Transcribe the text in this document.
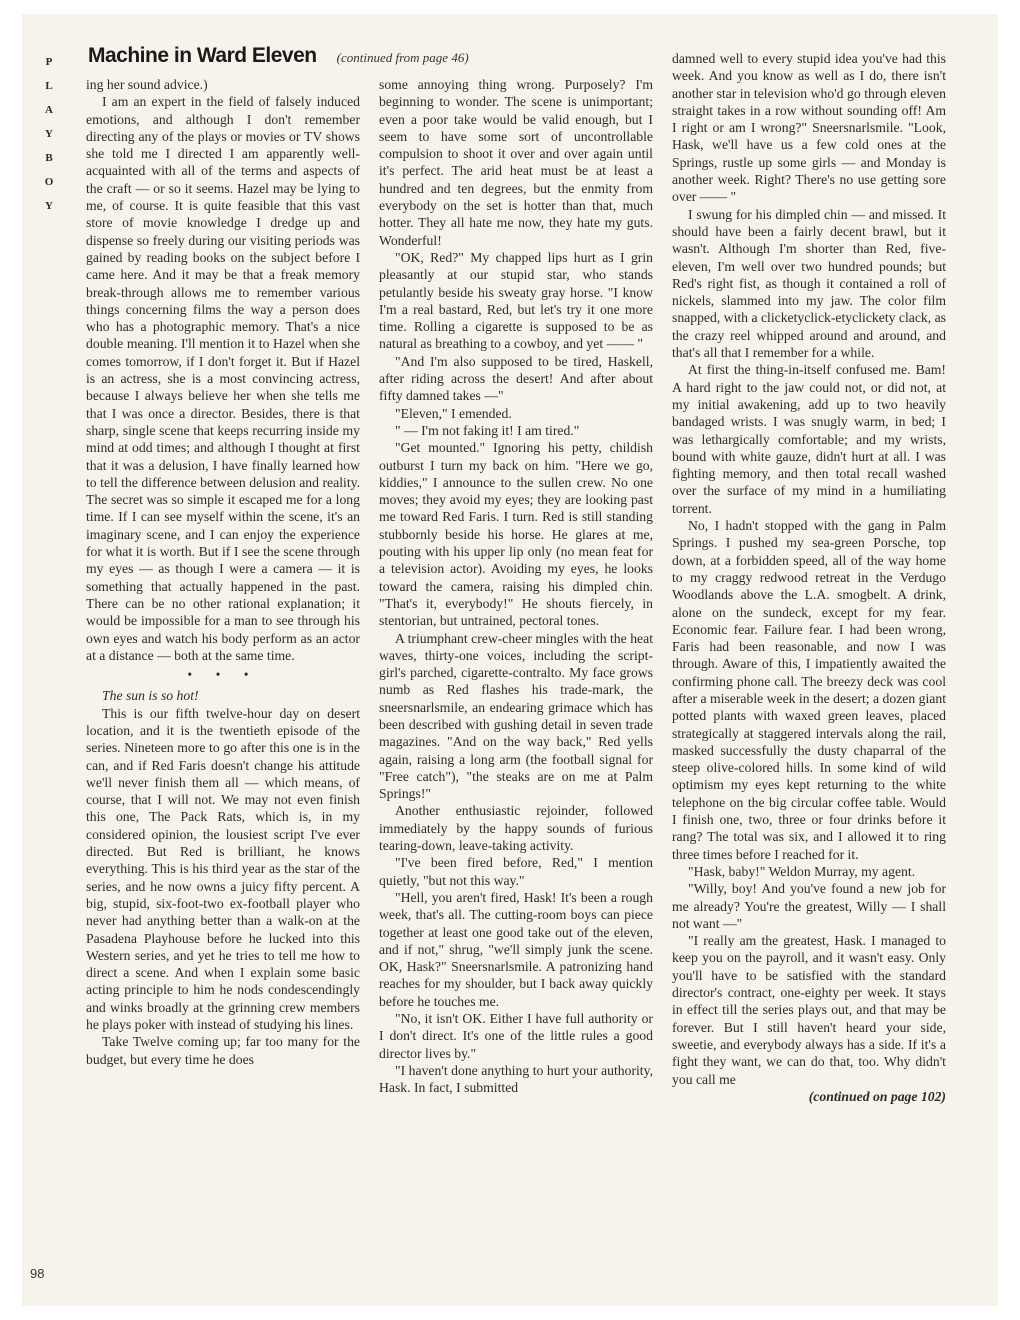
P
L
A
Y
B
O
Y
Machine in Ward Eleven (continued from page 46)

ing her sound advice.)

I am an expert in the field of falsely induced emotions, and although I don't remember directing any of the plays or movies or TV shows she told me I directed I am apparently well-acquainted with all of the terms and aspects of the craft — or so it seems. Hazel may be lying to me, of course. It is quite feasible that this vast store of movie knowledge I dredge up and dispense so freely during our visiting periods was gained by reading books on the subject before I came here. And it may be that a freak memory break-through allows me to remember various things concerning films the way a person does who has a photographic memory. That's a nice double meaning. I'll mention it to Hazel when she comes tomorrow, if I don't forget it. But if Hazel is an actress, she is a most convincing actress, because I always believe her when she tells me that I was once a director. Besides, there is that sharp, single scene that keeps recurring inside my mind at odd times; and although I thought at first that it was a delusion, I have finally learned how to tell the difference between delusion and reality. The secret was so simple it escaped me for a long time. If I can see myself within the scene, it's an imaginary scene, and I can enjoy the experience for what it is worth. But if I see the scene through my eyes — as though I were a camera — it is something that actually happened in the past. There can be no other rational explanation; it would be impossible for a man to see through his own eyes and watch his body perform as an actor at a distance — both at the same time.

• • •

The sun is so hot!

This is our fifth twelve-hour day on desert location, and it is the twentieth episode of the series. Nineteen more to go after this one is in the can, and if Red Faris doesn't change his attitude we'll never finish them all — which means, of course, that I will not. We may not even finish this one, The Pack Rats, which is, in my considered opinion, the lousiest script I've ever directed. But Red is brilliant, he knows everything. This is his third year as the star of the series, and he now owns a juicy fifty percent. A big, stupid, six-foot-two ex-football player who never had anything better than a walk-on at the Pasadena Playhouse before he lucked into this Western series, and yet he tries to tell me how to direct a scene. And when I explain some basic acting principle to him he nods condescendingly and winks broadly at the grinning crew members he plays poker with instead of studying his lines.

Take Twelve coming up; far too many for the budget, but every time he does

some annoying thing wrong. Purposely? I'm beginning to wonder. The scene is unimportant; even a poor take would be valid enough, but I seem to have some sort of uncontrollable compulsion to shoot it over and over again until it's perfect. The arid heat must be at least a hundred and ten degrees, but the enmity from everybody on the set is hotter than that, much hotter. They all hate me now, they hate my guts. Wonderful!

"OK, Red?" My chapped lips hurt as I grin pleasantly at our stupid star, who stands petulantly beside his sweaty gray horse. "I know I'm a real bastard, Red, but let's try it one more time. Rolling a cigarette is supposed to be as natural as breathing to a cowboy, and yet —— "

"And I'm also supposed to be tired, Haskell, after riding across the desert! And after about fifty damned takes —"

"Eleven," I emended.

" — I'm not faking it! I am tired."

"Get mounted." Ignoring his petty, childish outburst I turn my back on him. "Here we go, kiddies," I announce to the sullen crew. No one moves; they avoid my eyes; they are looking past me toward Red Faris. I turn. Red is still standing stubbornly beside his horse. He glares at me, pouting with his upper lip only (no mean feat for a television actor). Avoiding my eyes, he looks toward the camera, raising his dimpled chin. "That's it, everybody!" He shouts fiercely, in stentorian, but untrained, pectoral tones.

A triumphant crew-cheer mingles with the heat waves, thirty-one voices, including the script-girl's parched, cigarette-contralto. My face grows numb as Red flashes his trade-mark, the sneersnarlsmile, an endearing grimace which has been described with gushing detail in seven trade magazines. "And on the way back," Red yells again, raising a long arm (the football signal for "Free catch"), "the steaks are on me at Palm Springs!"

Another enthusiastic rejoinder, followed immediately by the happy sounds of furious tearing-down, leave-taking activity.

"I've been fired before, Red," I mention quietly, "but not this way."

"Hell, you aren't fired, Hask! It's been a rough week, that's all. The cutting-room boys can piece together at least one good take out of the eleven, and if not," shrug, "we'll simply junk the scene. OK, Hask?" Sneersnarlsmile. A patronizing hand reaches for my shoulder, but I back away quickly before he touches me.

"No, it isn't OK. Either I have full authority or I don't direct. It's one of the little rules a good director lives by."

"I haven't done anything to hurt your authority, Hask. In fact, I submitted

damned well to every stupid idea you've had this week. And you know as well as I do, there isn't another star in television who'd go through eleven straight takes in a row without sounding off! Am I right or am I wrong?" Sneersnarlsmile. "Look, Hask, we'll have us a few cold ones at the Springs, rustle up some girls — and Monday is another week. Right? There's no use getting sore over —— "

I swung for his dimpled chin — and missed. It should have been a fairly decent brawl, but it wasn't. Although I'm shorter than Red, five-eleven, I'm well over two hundred pounds; but Red's right fist, as though it contained a roll of nickels, slammed into my jaw. The color film snapped, with a clicketyclick-etyclickety clack, as the crazy reel whipped around and around, and that's all that I remember for a while.

At first the thing-in-itself confused me. Bam! A hard right to the jaw could not, or did not, at my initial awakening, add up to two heavily bandaged wrists. I was snugly warm, in bed; I was lethargically comfortable; and my wrists, bound with white gauze, didn't hurt at all. I was fighting memory, and then total recall washed over the surface of my mind in a humiliating torrent.

No, I hadn't stopped with the gang in Palm Springs. I pushed my sea-green Porsche, top down, at a forbidden speed, all of the way home to my craggy redwood retreat in the Verdugo Woodlands above the L.A. smogbelt. A drink, alone on the sundeck, except for my fear. Economic fear. Failure fear. I had been wrong, Faris had been reasonable, and now I was through. Aware of this, I impatiently awaited the confirming phone call. The breezy deck was cool after a miserable week in the desert; a dozen giant potted plants with waxed green leaves, placed strategically at staggered intervals along the rail, masked successfully the dusty chaparral of the steep olive-colored hills. In some kind of wild optimism my eyes kept returning to the white telephone on the big circular coffee table. Would I finish one, two, three or four drinks before it rang? The total was six, and I allowed it to ring three times before I reached for it.

"Hask, baby!" Weldon Murray, my agent.

"Willy, boy! And you've found a new job for me already? You're the greatest, Willy — I shall not want —"

"I really am the greatest, Hask. I managed to keep you on the payroll, and it wasn't easy. Only you'll have to be satisfied with the standard director's contract, one-eighty per week. It stays in effect till the series plays out, and that may be forever. But I still haven't heard your side, sweetie, and everybody always has a side. If it's a fight they want, we can do that, too. Why didn't you call me

(continued on page 102)

98
